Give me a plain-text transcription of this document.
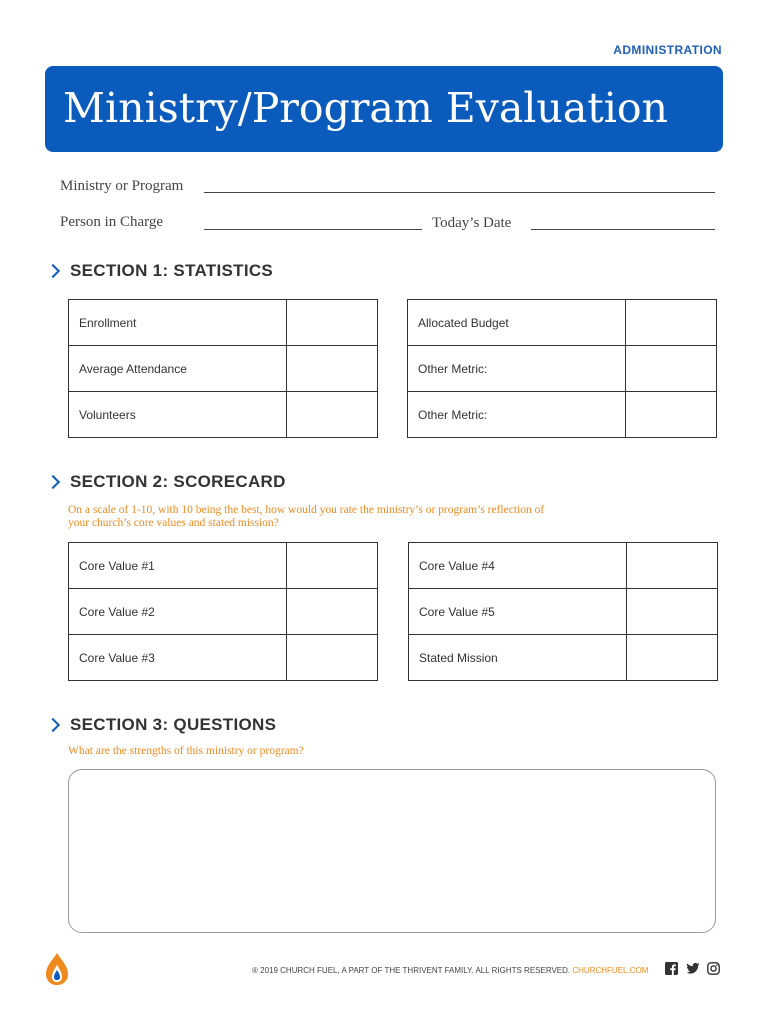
ADMINISTRATION
Ministry/Program Evaluation
Ministry or Program
Person in Charge	Today’s Date
SECTION 1: STATISTICS
Enrollment
Average Attendance
Volunteers
Allocated Budget
Other Metric:
Other Metric:
SECTION 2: SCORECARD
On a scale of 1-10, with 10 being the best, how would you rate the ministry’s or program’s reflection of your church’s core values and stated mission?
Core Value #1
Core Value #2
Core Value #3
Core Value #4
Core Value #5
Stated Mission
SECTION 3: QUESTIONS
What are the strengths of this ministry or program?
® 2019 CHURCH FUEL, A PART OF THE THRIVENT FAMILY. ALL RIGHTS RESERVED. CHURCHFUEL.COM
